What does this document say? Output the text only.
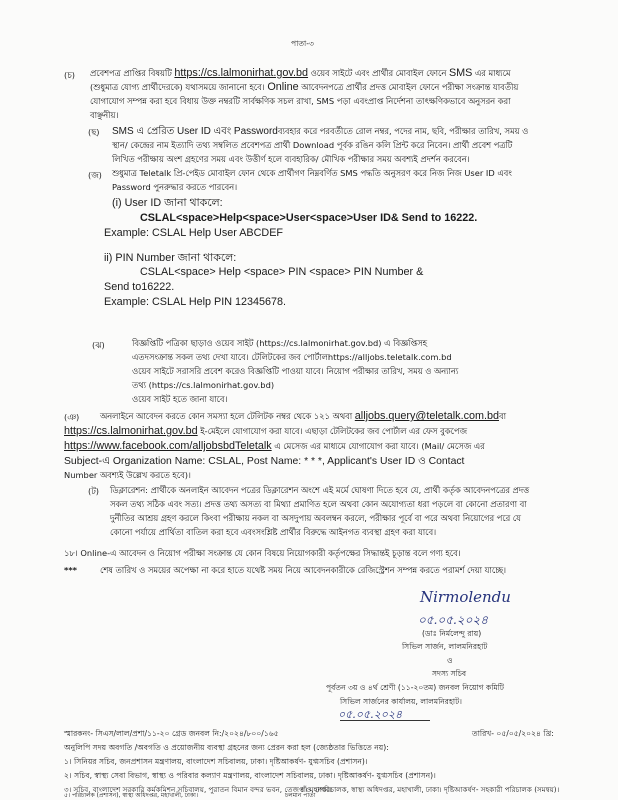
পাতা-৩
(চ) প্রবেশপত্র প্রাপ্তির বিষয়টি https://cs.lalmonirhat.gov.bd ওয়েব সাইটে এবং প্রার্থীর মোবাইল ফোনে SMS এর মাধ্যমে
(শুধুমাত্র যোগ্য প্রার্থীদেরকে) যথাসময়ে জানানো হবে। Online আবেদনপত্রে প্রার্থীর প্রদত্ত মোবাইল ফোনে পরীক্ষা সংক্রান্ত যাবতীয়
যোগাযোগ সম্পন্ন করা হবে বিধায় উক্ত নম্বরটি সার্বক্ষণিক সচল রাখা, SMS পড়া এবংপ্রাপ্ত নির্দেশনা তাৎক্ষণিকভাবে অনুসরন করা
বাঞ্ছনীয়।
(ছ) SMS এ প্রেরিত User ID এবং Passwordব্যবহার করে পরবর্তীতে রোল নম্বর, পদের নাম, ছবি, পরীক্ষার তারিখ, সময় ও
স্থান/ কেন্দ্রের নাম ইত্যাদি তথ্য সম্বলিত প্রবেশপত্র প্রার্থী Download পূর্বক রঙিন কলি প্রিন্ট করে নিবেন। প্রার্থী প্রবেশ পত্রটি
লিখিত পরীক্ষায় অংশ গ্রহণের সময় এবং উত্তীর্ণ হলে ব্যবহারিক/ মৌখিক পরীক্ষার সময় অবশ্যই প্রদর্শন করবেন।
(জ) শুধুমাত্র Teletalk প্রি-পেইড মোবাইল ফোন থেকে প্রার্থীগণ নিম্নবর্ণিত SMS পদ্ধতি অনুসরণ করে নিজ নিজ User ID এবং
Password পুনরুদ্ধার করতে পারবেন।
(i) User ID জানা থাকলে:
CSLAL<space>Help<space>User<space>User ID& Send to 16222.
Example: CSLAL Help User ABCDEF
ii) PIN Number জানা থাকলে:
CSLAL<space> Help <space> PIN <space> PIN Number &
Send to16222.
Example: CSLAL Help PIN 12345678.
(ঝ)	বিজ্ঞপ্তিটি পত্রিকা ছাড়াও ওয়েব সাইট (https://cs.lalmonirhat.gov.bd) এ বিজ্ঞপ্তিসহ
এতদসংক্রান্ত সকল তথ্য দেখা যাবে। টেলিটকের জব পোর্টালhttps://alljobs.teletalk.com.bd
ওয়েব সাইটে সরাসরি প্রবেশ করেও বিজ্ঞপ্তিটি পাওয়া যাবে। নিয়োগ পরীক্ষার তারিখ, সময় ও অন্যান্য
তথ্য (https://cs.lalmonirhat.gov.bd)
ওয়েব সাইট হতে জানা যাবে।
(ঞ)	অনলাইনে আবেদন করতে কোন সমস্যা হলে টেলিটক নম্বর থেকে ১২১ অথবা alljobs.query@teletalk.com.bdবা
https://cs.lalmonirhat.gov.bd ই-মেইলে যোগাযোগ করা যাবে। এছাড়া টেলিটকের জব পোর্টাল এর ফেস বুকপেজ
https://www.facebook.com/alljobsbdTeletalk এ মেসেজ এর মাধ্যমে যোগাযোগ করা যাবে। (Mail/ মেসেজ এর
Subject-এ Organization Name: CSLAL, Post Name: * * *, Applicant's User ID ও Contact
Number অবশ্যই উল্লেখ করতে হবে)।
(ট) ডিক্লারেশন: প্রার্থীকে অনলাইন আবেদন পত্রের ডিক্লারেশন অংশে এই মর্মে ঘোষণা দিতে হবে যে, প্রার্থী কর্তৃক আবেদনপত্রের প্রদত্ত
সকল তথ্য সঠিক এবং সত্য। প্রদত্ত তথ্য অসত্য বা মিথ্যা প্রমাণিত হলে অথবা কোন অযোগ্যতা ধরা পড়লে বা কোনো প্রতারণা বা
দুর্নীতির আশ্রয় গ্রহণ করলে কিংবা পরীক্ষায় নকল বা অসদুপায় অবলম্বন করলে, পরীক্ষার পূর্বে বা পরে অথবা নিয়োগের পরে যে
কোনো পর্যায়ে প্রার্থিতা বাতিল করা হবে এবংসংশ্লিষ্ট প্রার্থীর বিরুদ্ধে আইনগত ব্যবস্থা গ্রহণ করা যাবে।
১৮। Online-এ আবেদন ও নিয়োগ পরীক্ষা সংক্রান্ত যে কোন বিষয়ে নিয়োগকারী কর্তৃপক্ষের সিদ্ধান্তই চূড়ান্ত বলে গণ্য হবে।
***	শেষ তারিখ ও সময়ের অপেক্ষা না করে হাতে যথেষ্ট সময় নিয়ে আবেদনকারীকে রেজিস্ট্রেশন সম্পন্ন করতে পরামর্শ দেয়া যাচ্ছে।
Nirmolendu
০৫.০৫.২০২৪
(ডাঃ নির্মলেন্দু রায়)
সিভিল সার্জন, লালমনিরহাট
ও
সদস্য সচিব
পূর্বতন ৩য় ও ৪র্থ শ্রেণী (১১-২০তম) জনবল নিয়োগ কমিটি
সিভিল সার্জনের কার্যালয়, লালমনিরহাট।
০৫.০৫.২০২৪
স্মারকনং- সিএস/লাল/প্রশা/১১-২০ গ্রেড জনবল নি:/২০২৪/৮০০/১৬৫	তারিখ- ০৫/০৫/২০২৪ খ্রি:
অনুলিপি সদয় অবগতি /অবগতি ও প্রয়োজনীয় ব্যবস্থা গ্রহনের জন্য প্রেরন করা হল (জ্যেষ্ঠতার ভিত্তিতে নয়):
১। সিনিয়র সচিব, জনপ্রশাসন মন্ত্রণালয়, বাংলাদেশ সচিবালয়, ঢাকা। দৃষ্টিআকর্ষণ- যুগ্মসচিব (প্রশাসন)।
২। সচিব, স্বাস্থ্য সেবা বিভাগ, স্বাস্থ্য ও পরিবার কল্যাণ মন্ত্রণালয়, বাংলাদেশ সচিবালয়, ঢাকা। দৃষ্টিআকর্ষণ- যুগ্মসচিব (প্রশাসন)।
৩। সচিব, বাংলাদেশ সরকারি কর্মকমিশন সচিবালয়, পুরাতন বিমান বন্দর ভবন, তেজগাঁও, ঢাকা।
৪। মহাপরিচালক, স্বাস্থ্য অধিদপ্তর, মহাখালী, ঢাকা। দৃষ্টিআকর্ষণ- সহকারী পরিচালক (সমন্বয়)।
৫। পরিচালক (প্রশাসন), স্বাস্থ্য অধিদপ্তর, মহাখালী, ঢাকা।	চলমান পাতা
